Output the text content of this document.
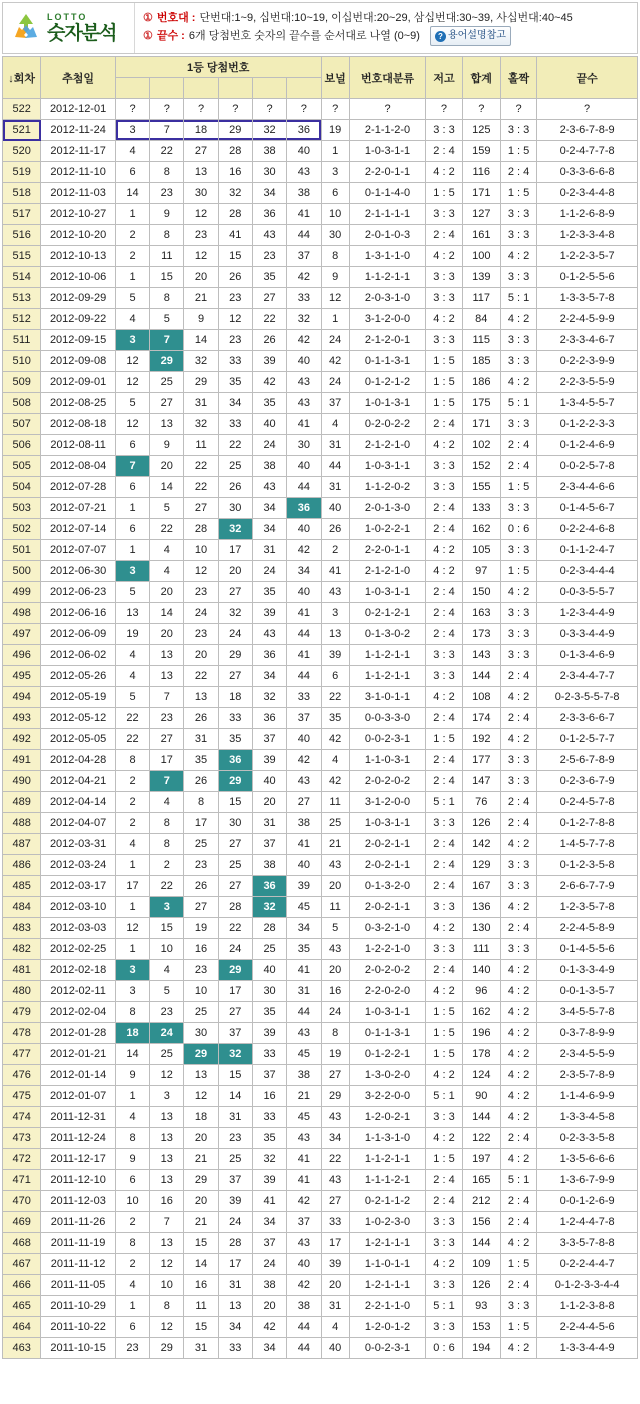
LOTTO
숫자분석
① 번호대 : 단번대:1~9, 십번대:10~19, 이십번대:20~29, 삼십번대:30~39, 사십번대:40~45
① 끝수 : 6개 당첨번호 숫자의 끝수를 순서대로 나열 (0~9)	? 용어설명참고
↓회차	추첨일	1등 당첨번호						보널	번호대분류	저고	합계	홀짝	끝수

522	2012-12-01	?	?	?	?	?	?	?	?	?	?	?	?
521	2012-11-24	3	7	18	29	32	36	19	2-1-1-2-0	3 : 3	125	3 : 3	2-3-6-7-8-9
520	2012-11-17	4	22	27	28	38	40	1	1-0-3-1-1	2 : 4	159	1 : 5	0-2-4-7-7-8
519	2012-11-10	6	8	13	16	30	43	3	2-2-0-1-1	4 : 2	116	2 : 4	0-3-3-6-6-8
518	2012-11-03	14	23	30	32	34	38	6	0-1-1-4-0	1 : 5	171	1 : 5	0-2-3-4-4-8
517	2012-10-27	1	9	12	28	36	41	10	2-1-1-1-1	3 : 3	127	3 : 3	1-1-2-6-8-9
516	2012-10-20	2	8	23	41	43	44	30	2-0-1-0-3	2 : 4	161	3 : 3	1-2-3-3-4-8
515	2012-10-13	2	11	12	15	23	37	8	1-3-1-1-0	4 : 2	100	4 : 2	1-2-2-3-5-7
514	2012-10-06	1	15	20	26	35	42	9	1-1-2-1-1	3 : 3	139	3 : 3	0-1-2-5-5-6
513	2012-09-29	5	8	21	23	27	33	12	2-0-3-1-0	3 : 3	117	5 : 1	1-3-3-5-7-8
512	2012-09-22	4	5	9	12	22	32	1	3-1-2-0-0	4 : 2	84	4 : 2	2-2-4-5-9-9
511	2012-09-15	3	7	14	23	26	42	24	2-1-2-0-1	3 : 3	115	3 : 3	2-3-3-4-6-7
510	2012-09-08	12	29	32	33	39	40	42	0-1-1-3-1	1 : 5	185	3 : 3	0-2-2-3-9-9
509	2012-09-01	12	25	29	35	42	43	24	0-1-2-1-2	1 : 5	186	4 : 2	2-2-3-5-5-9
508	2012-08-25	5	27	31	34	35	43	37	1-0-1-3-1	1 : 5	175	5 : 1	1-3-4-5-5-7
507	2012-08-18	12	13	32	33	40	41	4	0-2-0-2-2	2 : 4	171	3 : 3	0-1-2-2-3-3
506	2012-08-11	6	9	11	22	24	30	31	2-1-2-1-0	4 : 2	102	2 : 4	0-1-2-4-6-9
505	2012-08-04	7	20	22	25	38	40	44	1-0-3-1-1	3 : 3	152	2 : 4	0-0-2-5-7-8
504	2012-07-28	6	14	22	26	43	44	31	1-1-2-0-2	3 : 3	155	1 : 5	2-3-4-4-6-6
503	2012-07-21	1	5	27	30	34	36	40	2-0-1-3-0	2 : 4	133	3 : 3	0-1-4-5-6-7
502	2012-07-14	6	22	28	32	34	40	26	1-0-2-2-1	2 : 4	162	0 : 6	0-2-2-4-6-8
501	2012-07-07	1	4	10	17	31	42	2	2-2-0-1-1	4 : 2	105	3 : 3	0-1-1-2-4-7
500	2012-06-30	3	4	12	20	24	34	41	2-1-2-1-0	4 : 2	97	1 : 5	0-2-3-4-4-4
499	2012-06-23	5	20	23	27	35	40	43	1-0-3-1-1	2 : 4	150	4 : 2	0-0-3-5-5-7
498	2012-06-16	13	14	24	32	39	41	3	0-2-1-2-1	2 : 4	163	3 : 3	1-2-3-4-4-9
497	2012-06-09	19	20	23	24	43	44	13	0-1-3-0-2	2 : 4	173	3 : 3	0-3-3-4-4-9
496	2012-06-02	4	13	20	29	36	41	39	1-1-2-1-1	3 : 3	143	3 : 3	0-1-3-4-6-9
495	2012-05-26	4	13	22	27	34	44	6	1-1-2-1-1	3 : 3	144	2 : 4	2-3-4-4-7-7
494	2012-05-19	5	7	13	18	32	33	22	3-1-0-1-1	4 : 2	108	4 : 2	0-2-3-5-5-7-8
493	2012-05-12	22	23	26	33	36	37	35	0-0-3-3-0	2 : 4	174	2 : 4	2-3-3-6-6-7
492	2012-05-05	22	27	31	35	37	40	42	0-0-2-3-1	1 : 5	192	4 : 2	0-1-2-5-7-7
491	2012-04-28	8	17	35	36	39	42	4	1-1-0-3-1	2 : 4	177	3 : 3	2-5-6-7-8-9
490	2012-04-21	2	7	26	29	40	43	42	2-0-2-0-2	2 : 4	147	3 : 3	0-2-3-6-7-9
489	2012-04-14	2	4	8	15	20	27	11	3-1-2-0-0	5 : 1	76	2 : 4	0-2-4-5-7-8
488	2012-04-07	2	8	17	30	31	38	25	1-0-3-1-1	3 : 3	126	2 : 4	0-1-2-7-8-8
487	2012-03-31	4	8	25	27	37	41	21	2-0-2-1-1	2 : 4	142	4 : 2	1-4-5-7-7-8
486	2012-03-24	1	2	23	25	38	40	43	2-0-2-1-1	2 : 4	129	3 : 3	0-1-2-3-5-8
485	2012-03-17	17	22	26	27	36	39	20	0-1-3-2-0	2 : 4	167	3 : 3	2-6-6-7-7-9
484	2012-03-10	1	3	27	28	32	45	11	2-0-2-1-1	3 : 3	136	4 : 2	1-2-3-5-7-8
483	2012-03-03	12	15	19	22	28	34	5	0-3-2-1-0	4 : 2	130	2 : 4	2-2-4-5-8-9
482	2012-02-25	1	10	16	24	25	35	43	1-2-2-1-0	3 : 3	111	3 : 3	0-1-4-5-5-6
481	2012-02-18	3	4	23	29	40	41	20	2-0-2-0-2	2 : 4	140	4 : 2	0-1-3-3-4-9
480	2012-02-11	3	5	10	17	30	31	16	2-2-0-2-0	4 : 2	96	4 : 2	0-0-1-3-5-7
479	2012-02-04	8	23	25	27	35	44	24	1-0-3-1-1	1 : 5	162	4 : 2	3-4-5-5-7-8
478	2012-01-28	18	24	30	37	39	43	8	0-1-1-3-1	1 : 5	196	4 : 2	0-3-7-8-9-9
477	2012-01-21	14	25	29	32	33	45	19	0-1-2-2-1	1 : 5	178	4 : 2	2-3-4-5-5-9
476	2012-01-14	9	12	13	15	37	38	27	1-3-0-2-0	4 : 2	124	4 : 2	2-3-5-7-8-9
475	2012-01-07	1	3	12	14	16	21	29	3-2-2-0-0	5 : 1	90	4 : 2	1-1-4-6-9-9
474	2011-12-31	4	13	18	31	33	45	43	1-2-0-2-1	3 : 3	144	4 : 2	1-3-3-4-5-8
473	2011-12-24	8	13	20	23	35	43	34	1-1-3-1-0	4 : 2	122	2 : 4	0-2-3-3-5-8
472	2011-12-17	9	13	21	25	32	41	22	1-1-2-1-1	1 : 5	197	4 : 2	1-3-5-6-6-6
471	2011-12-10	6	13	29	37	39	41	43	1-1-1-2-1	2 : 4	165	5 : 1	1-3-6-7-9-9
470	2011-12-03	10	16	20	39	41	42	27	0-2-1-1-2	2 : 4	212	2 : 4	0-0-1-2-6-9
469	2011-11-26	2	7	21	24	34	37	33	1-0-2-3-0	3 : 3	156	2 : 4	1-2-4-4-7-8
468	2011-11-19	8	13	15	28	37	43	17	1-2-1-1-1	3 : 3	144	4 : 2	3-3-5-7-8-8
467	2011-11-12	2	12	14	17	24	40	39	1-1-0-1-1	4 : 2	109	1 : 5	0-2-2-4-4-7
466	2011-11-05	4	10	16	31	38	42	20	1-2-1-1-1	3 : 3	126	2 : 4	0-1-2-3-3-4-4
465	2011-10-29	1	8	11	13	20	38	31	2-2-1-1-0	5 : 1	93	3 : 3	1-1-2-3-8-8
464	2011-10-22	6	12	15	34	42	44	4	1-2-0-1-2	3 : 3	153	1 : 5	2-2-4-4-5-6
463	2011-10-15	23	29	31	33	34	44	40	0-0-2-3-1	0 : 6	194	4 : 2	1-3-3-4-4-9
